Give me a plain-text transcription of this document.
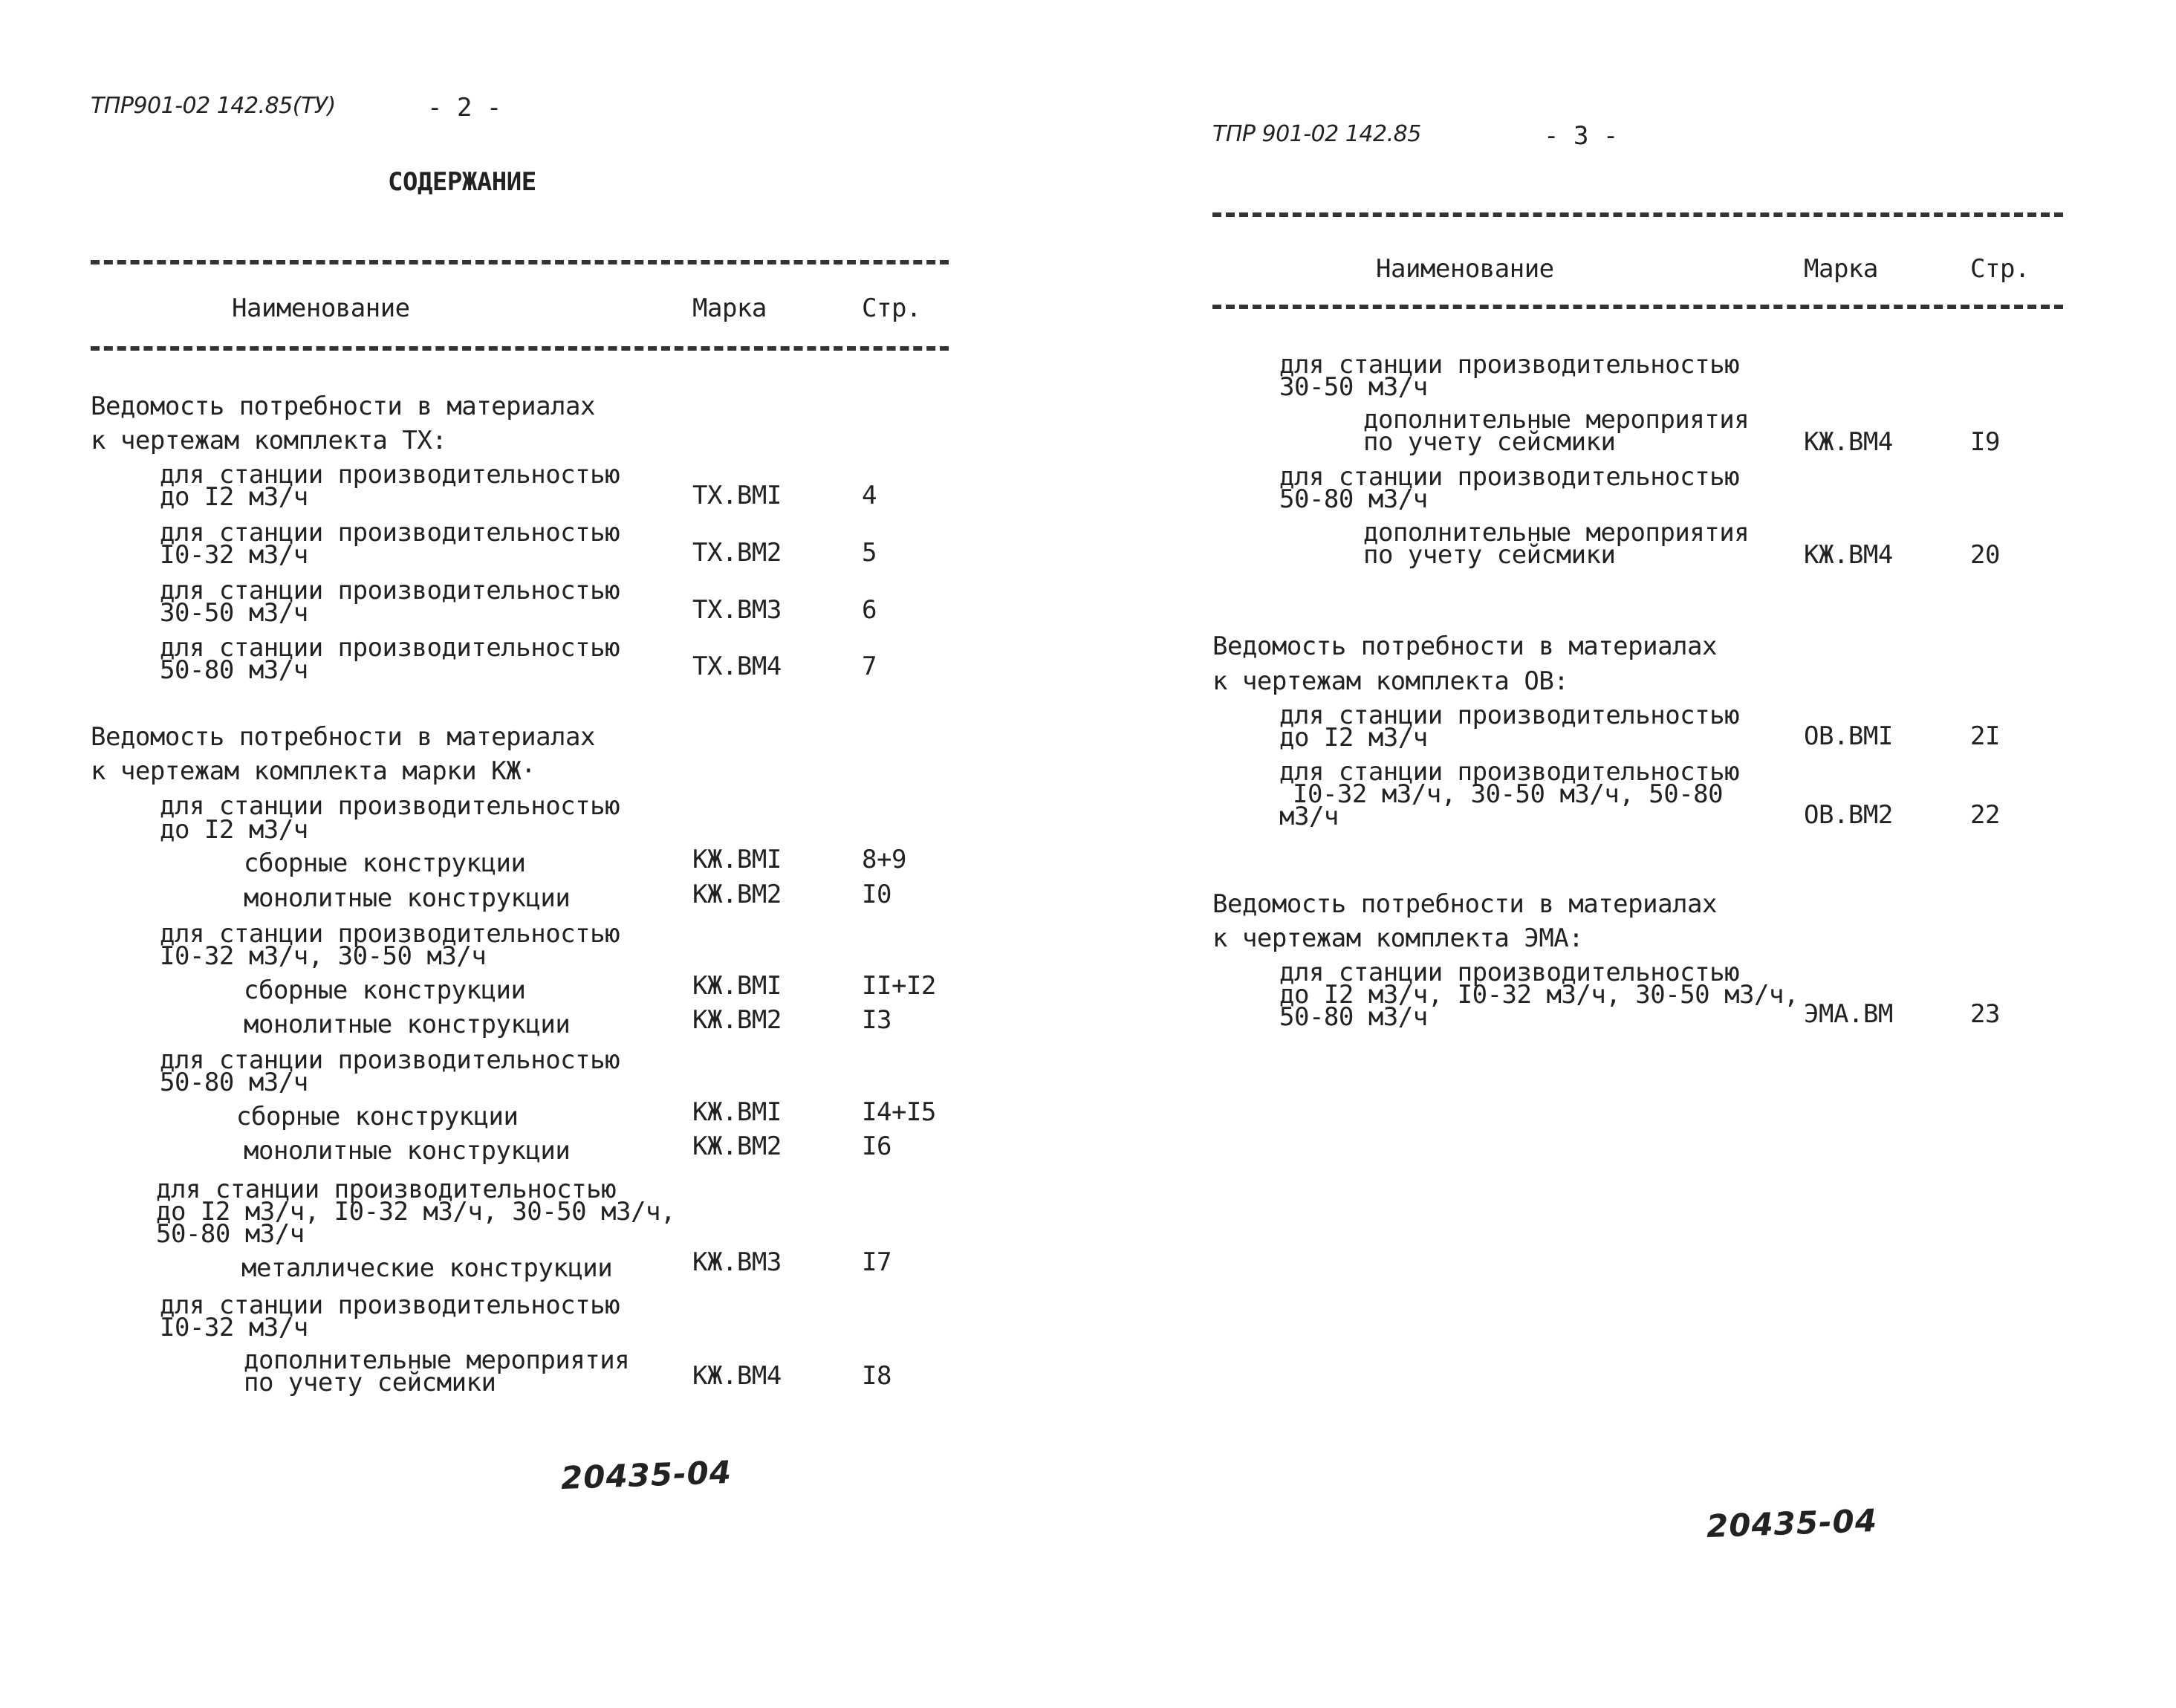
ТПР901-02 142.85(ТУ)	- 2 -
СОДЕРЖАНИЕ
Наименование	Марка	Стр.
Ведомость потребности в материалах
к чертежам комплекта ТХ:
для станции производительностью
до I2 м3/ч	ТХ.ВМI	4
для станции производительностью
I0-32 м3/ч	ТХ.ВМ2	5
для станции производительностью
30-50 м3/ч	ТХ.ВМ3	6
для станции производительностью
50-80 м3/ч	ТХ.ВМ4	7
Ведомость потребности в материалах
к чертежам комплекта марки КЖ·
для станции производительностью
до I2 м3/ч
сборные конструкции	КЖ.ВМI	8+9
монолитные конструкции	КЖ.ВМ2	I0
для станции производительностью
I0-32 м3/ч, 30-50 м3/ч
сборные конструкции	КЖ.ВМI	II+I2
монолитные конструкции	КЖ.ВМ2	I3
для станции производительностью
50-80 м3/ч
сборные конструкции	КЖ.ВМI	I4+I5
монолитные конструкции	КЖ.ВМ2	I6
для станции производительностью
до I2 м3/ч, I0-32 м3/ч, 30-50 м3/ч,
50-80 м3/ч
металлические конструкции	КЖ.ВМ3	I7
для станции производительностью
I0-32 м3/ч
дополнительные мероприятия
по учету сейсмики	КЖ.ВМ4	I8
20435-04
ТПР 901-02 142.85	- 3 -
Наименование	Марка	Стр.
для станции производительностью
30-50 м3/ч
дополнительные мероприятия
по учету сейсмики	КЖ.ВМ4	I9
для станции производительностью
50-80 м3/ч
дополнительные мероприятия
по учету сейсмики	КЖ.ВМ4	20
Ведомость потребности в материалах
к чертежам комплекта ОВ:
для станции производительностью
до I2 м3/ч	ОВ.ВМI	2I
для станции производительностью
I0-32 м3/ч, 30-50 м3/ч, 50-80
м3/ч	ОВ.ВМ2	22
Ведомость потребности в материалах
к чертежам комплекта ЭМА:
для станции производительностью
до I2 м3/ч, I0-32 м3/ч, 30-50 м3/ч,
50-80 м3/ч	ЭМА.ВМ	23
20435-04
